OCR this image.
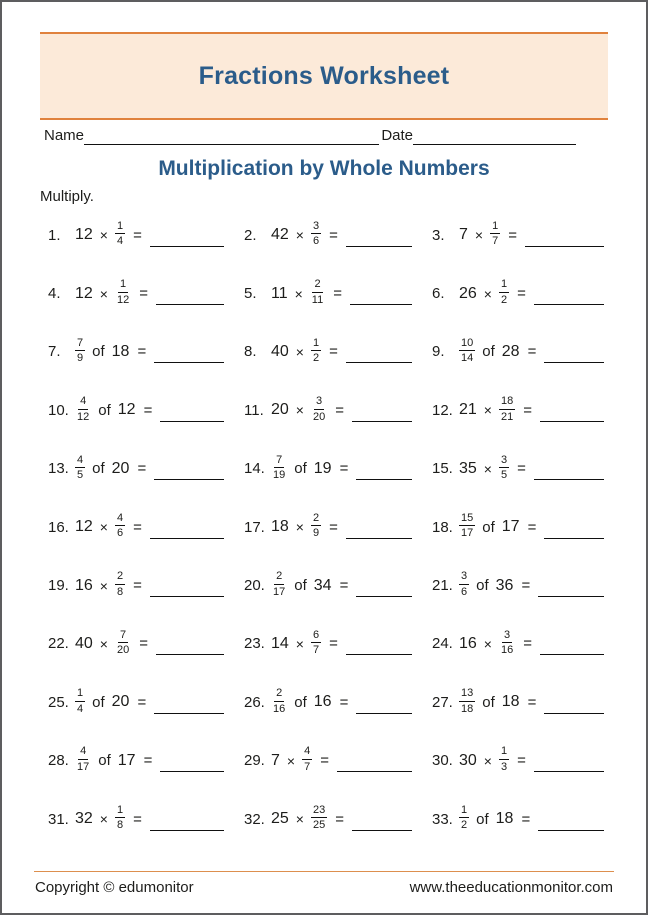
Fractions Worksheet
Name	Date
Multiplication by Whole Numbers
Multiply.
1. $12 \times \frac{1}{4}$ =	2. $42 \times \frac{3}{6}$ =	3. $7 \times \frac{1}{7}$ =
4. $12 \times \frac{1}{12}$ =	5. $11 \times \frac{2}{11}$ =	6. $26 \times \frac{1}{2}$ =
7.	$\frac{7}{9}$ of 18 =	8. $40 \times \frac{1}{2}$ =	9.	$\frac{10}{14}$ of 28 =
10. $\frac{4}{12}$ of 12 =	11. $20 \times \frac{3}{20}$ =	12. $21 \times \frac{18}{21}$ =
13. $\frac{4}{5}$ of 20 =	14. $\frac{7}{19}$ of 19 =	15. $35 \times \frac{3}{5}$ =
16. $12 \times \frac{4}{6}$ =	17. $18 \times \frac{2}{9}$ =	18. $\frac{15}{17}$ of 17 =
19. $16 \times \frac{2}{8}$ =	20. $\frac{2}{17}$ of 34 =	21. $\frac{3}{6}$ of 36 =
22. $40 \times \frac{7}{20}$ =	23. $14 \times \frac{6}{7}$ =	24. $16 \times \frac{3}{16}$ =
25. $\frac{1}{4}$ of 20 =	26. $\frac{2}{16}$ of 16 =	27. $\frac{13}{18}$ of 18 =
28. $\frac{4}{17}$ of 17 =	29. $7 \times \frac{4}{7}$ =	30. $30 \times \frac{1}{3}$ =
31. $32 \times \frac{1}{8}$ =	32. $25 \times \frac{23}{25}$ =	33. $\frac{1}{2}$ of 18 =
Copyright © edumonitor	www.theeducationmonitor.com
